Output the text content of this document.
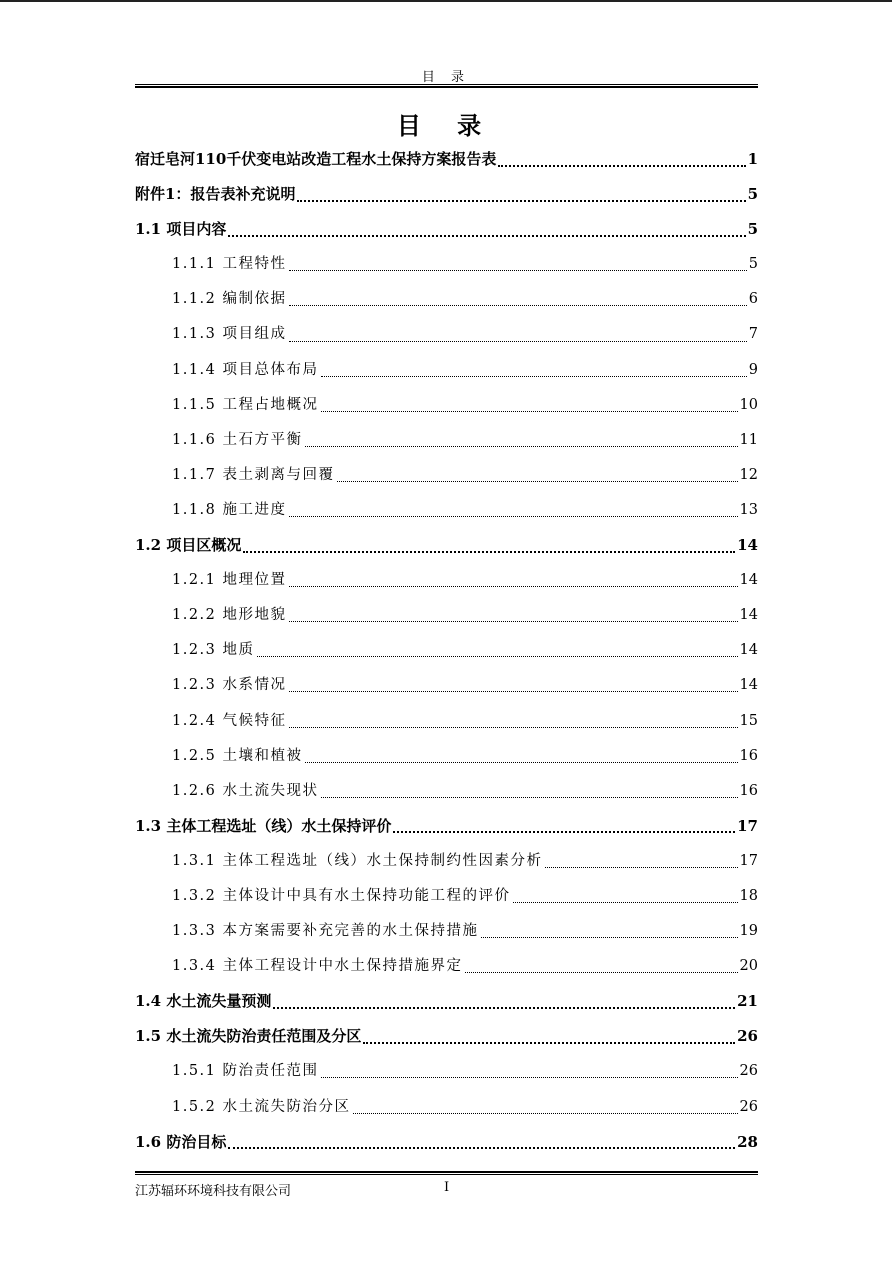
目 录
目 录
宿迁皂河110千伏变电站改造工程水土保持方案报告表	1
附件1：报告表补充说明	5
1.1 项目内容	5
1.1.1 工程特性	5
1.1.2 编制依据	6
1.1.3 项目组成	7
1.1.4 项目总体布局	9
1.1.5 工程占地概况	10
1.1.6 土石方平衡	11
1.1.7 表土剥离与回覆	12
1.1.8 施工进度	13
1.2 项目区概况	14
1.2.1 地理位置	14
1.2.2 地形地貌	14
1.2.3 地质	14
1.2.3 水系情况	14
1.2.4 气候特征	15
1.2.5 土壤和植被	16
1.2.6 水土流失现状	16
1.3 主体工程选址（线）水土保持评价	17
1.3.1 主体工程选址（线）水土保持制约性因素分析	17
1.3.2 主体设计中具有水土保持功能工程的评价	18
1.3.3 本方案需要补充完善的水土保持措施	19
1.3.4 主体工程设计中水土保持措施界定	20
1.4 水土流失量预测	21
1.5 水土流失防治责任范围及分区	26
1.5.1 防治责任范围	26
1.5.2 水土流失防治分区	26
1.6 防治目标	28
江苏辐环环境科技有限公司	I
